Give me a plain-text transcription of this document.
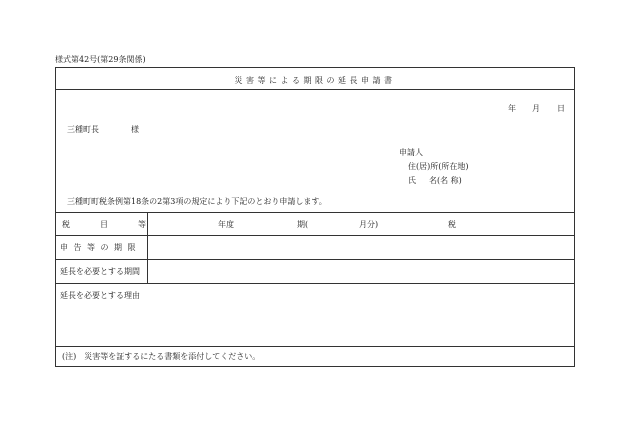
様式第42号(第29条関係)
災害等による期限の延長申請書
年 月 日
三種町長	様
申請人
住(居)所(所在地)
氏 名(名 称)
三種町町税条例第18条の2第3項の規定により下記のとおり申請します。
税　目　等	年度	期(	月分)	税
申告等の期限
延長を必要とする期間
延長を必要とする理由
(注)　災害等を証するにたる書類を添付してください。
